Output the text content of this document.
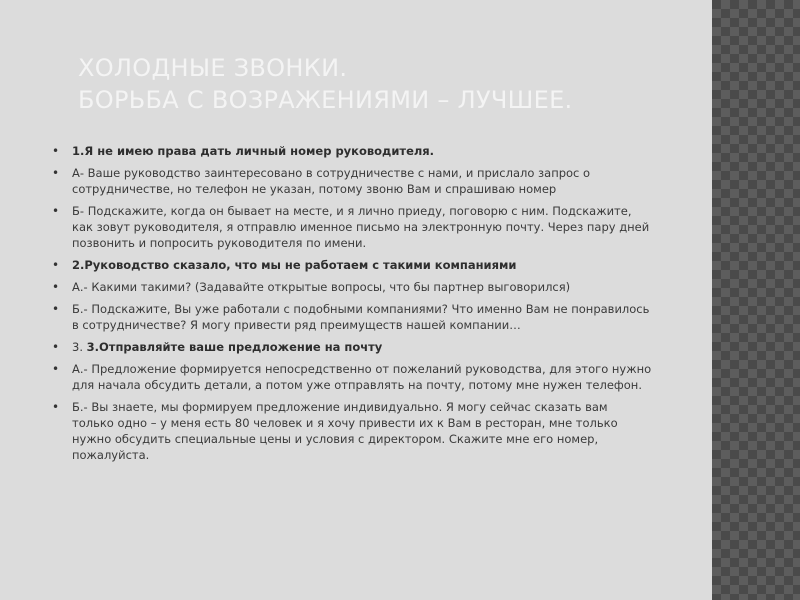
ХОЛОДНЫЕ ЗВОНКИ.
БОРЬБА С ВОЗРАЖЕНИЯМИ – ЛУЧШЕЕ.
• 1.Я не имею права дать личный номер руководителя.
• А- Ваше руководство заинтересовано в сотрудничестве с нами, и прислало запрос о сотрудничестве, но телефон не указан, потому звоню Вам и спрашиваю номер
• Б- Подскажите, когда он бывает на месте, и я лично приеду, поговорю с ним. Подскажите, как зовут руководителя, я отправлю именное письмо на электронную почту. Через пару дней позвонить и попросить руководителя по имени.
• 2.Руководство сказало, что мы не работаем с такими компаниями
• А.- Какими такими? (Задавайте открытые вопросы, что бы партнер выговорился)
• Б.- Подскажите, Вы уже работали с подобными компаниями? Что именно Вам не понравилось в сотрудничестве? Я могу привести ряд преимуществ нашей компании…
• 3. 3.Отправляйте ваше предложение на почту
• А.- Предложение формируется непосредственно от пожеланий руководства, для этого нужно для начала обсудить детали, а потом уже отправлять на почту, потому мне нужен телефон.
• Б.- Вы знаете, мы формируем предложение индивидуально. Я могу сейчас сказать вам только одно – у меня есть 80 человек и я хочу привести их к Вам в ресторан, мне только нужно обсудить специальные цены и условия с директором. Скажите мне его номер, пожалуйста.
